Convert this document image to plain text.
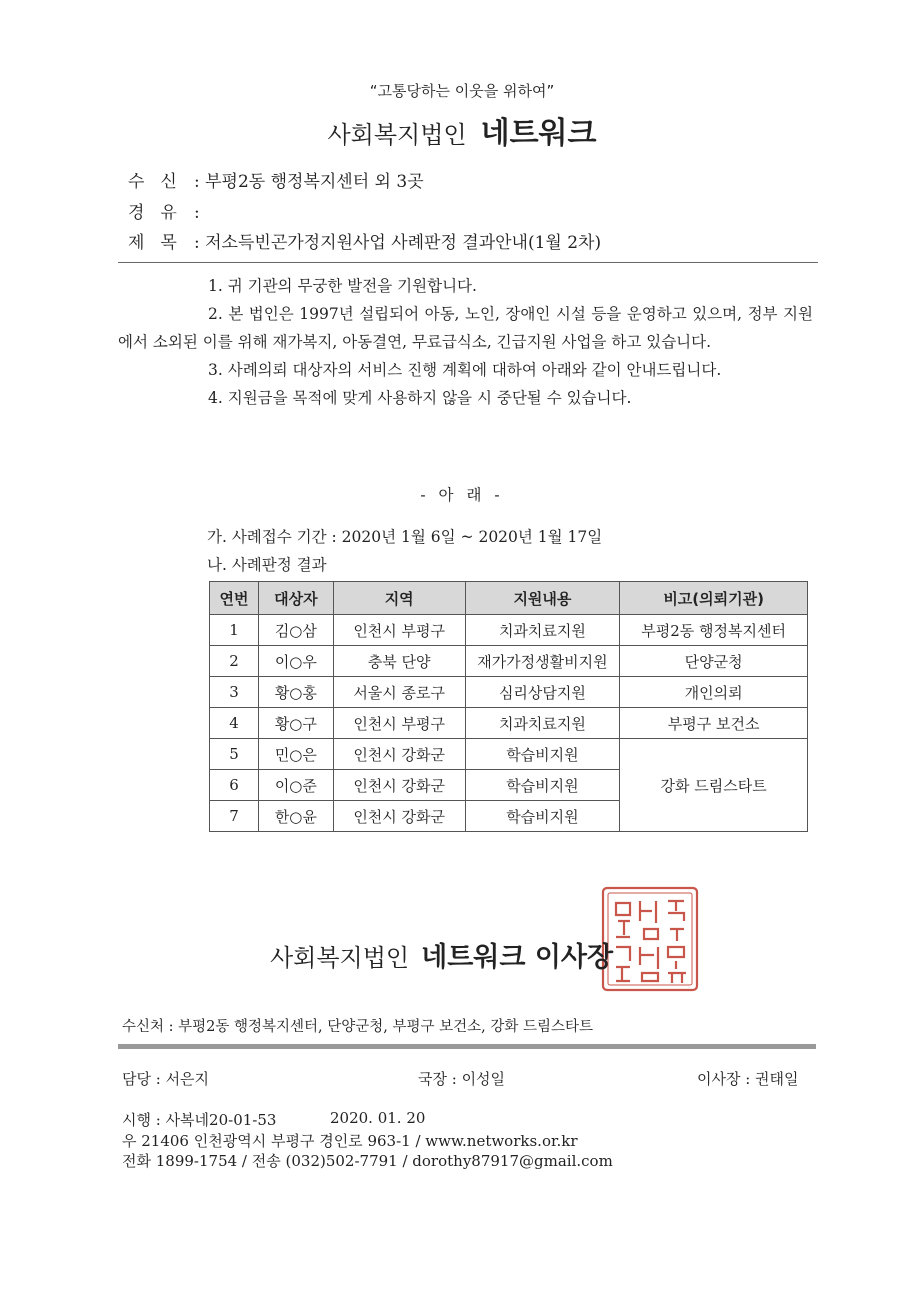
“고통당하는 이웃을 위하여”
사회복지법인 네트워크
수신: 부평2동 행정복지센터 외 3곳
경유:
제목: 저소득빈곤가정지원사업 사례판정 결과안내(1월 2차)
1. 귀 기관의 무궁한 발전을 기원합니다.
2. 본 법인은 1997년 설립되어 아동, 노인, 장애인 시설 등을 운영하고 있으며, 정부 지원에서 소외된 이를 위해 재가복지, 아동결연, 무료급식소, 긴급지원 사업을 하고 있습니다.
3. 사례의뢰 대상자의 서비스 진행 계획에 대하여 아래와 같이 안내드립니다.
4. 지원금을 목적에 맞게 사용하지 않을 시 중단될 수 있습니다.
- 아 래 -
가. 사례접수 기간 : 2020년 1월 6일 ~ 2020년 1월 17일
나. 사례판정 결과
연번	대상자	지역	지원내용	비고(의뢰기관)
1	김○삼	인천시 부평구	치과치료지원	부평2동 행정복지센터
2	이○우	충북 단양	재가가정생활비지원	단양군청
3	황○홍	서울시 종로구	심리상담지원	개인의뢰
4	황○구	인천시 부평구	치과치료지원	부평구 보건소
5	민○은	인천시 강화군	학습비지원	강화 드림스타트
6	이○준	인천시 강화군	학습비지원	
7	한○윤	인천시 강화군	학습비지원	
사회복지법인 네트워크 이사장
수신처 : 부평2동 행정복지센터, 단양군청, 부평구 보건소, 강화 드림스타트
담당 : 서은지	국장 : 이성일	이사장 : 권태일
시행 : 사복네20-01-53	2020. 01. 20
우 21406 인천광역시 부평구 경인로 963-1 / www.networks.or.kr
전화 1899-1754 / 전송 (032)502-7791 / dorothy87917@gmail.com
